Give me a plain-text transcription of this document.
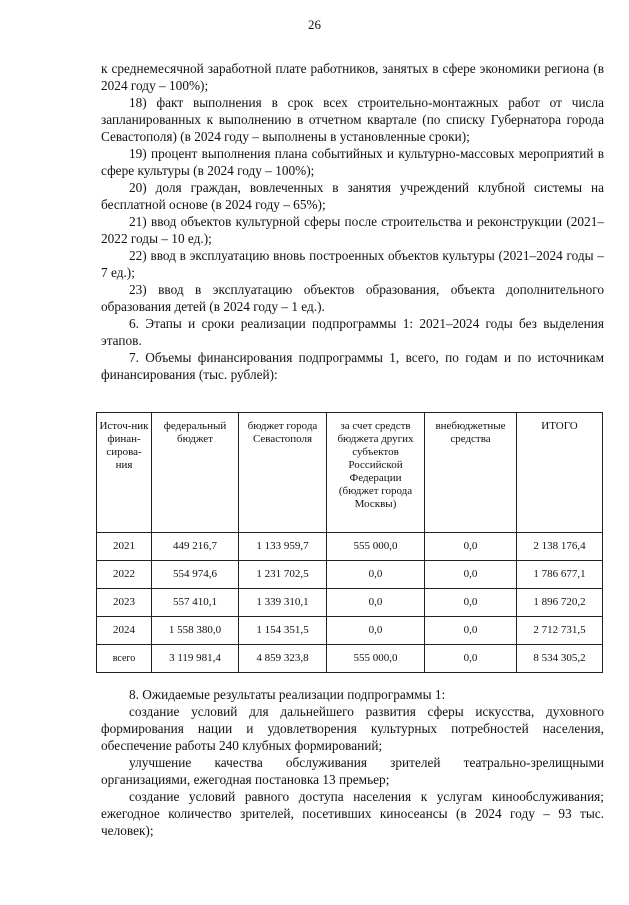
26

к среднемесячной заработной плате работников, занятых в сфере экономики региона (в 2024 году – 100%);

18) факт выполнения в срок всех строительно-монтажных работ от числа запланированных к выполнению в отчетном квартале (по списку Губернатора города Севастополя) (в 2024 году – выполнены в установленные сроки);

19) процент выполнения плана событийных и культурно-массовых мероприятий в сфере культуры (в 2024 году – 100%);

20) доля граждан, вовлеченных в занятия учреждений клубной системы на бесплатной основе (в 2024 году – 65%);

21) ввод объектов культурной сферы после строительства и реконструкции (2021–2022 годы – 10 ед.);

22) ввод в эксплуатацию вновь построенных объектов культуры (2021–2024 годы – 7 ед.);

23) ввод в эксплуатацию объектов образования, объекта дополнительного образования детей (в 2024 году – 1 ед.).

6. Этапы и сроки реализации подпрограммы 1: 2021–2024 годы без выделения этапов.

7. Объемы финансирования подпрограммы 1, всего, по годам и по источникам финансирования (тыс. рублей):

Источ-ник финан-сирова-ния	федеральный бюджет	бюджет города Севастополя	за счет средств бюджета других субъектов Российской Федерации (бюджет города Москвы)	внебюджетные средства	ИТОГО
2021	449 216,7	1 133 959,7	555 000,0	0,0	2 138 176,4
2022	554 974,6	1 231 702,5	0,0	0,0	1 786 677,1
2023	557 410,1	1 339 310,1	0,0	0,0	1 896 720,2
2024	1 558 380,0	1 154 351,5	0,0	0,0	2 712 731,5
всего	3 119 981,4	4 859 323,8	555 000,0	0,0	8 534 305,2

8. Ожидаемые результаты реализации подпрограммы 1:

создание условий для дальнейшего развития сферы искусства, духовного формирования нации и удовлетворения культурных потребностей населения, обеспечение работы 240 клубных формирований;

улучшение качества обслуживания зрителей театрально-зрелищными организациями, ежегодная постановка 13 премьер;

создание условий равного доступа населения к услугам кинообслуживания; ежегодное количество зрителей, посетивших киносеансы (в 2024 году – 93 тыс. человек);
